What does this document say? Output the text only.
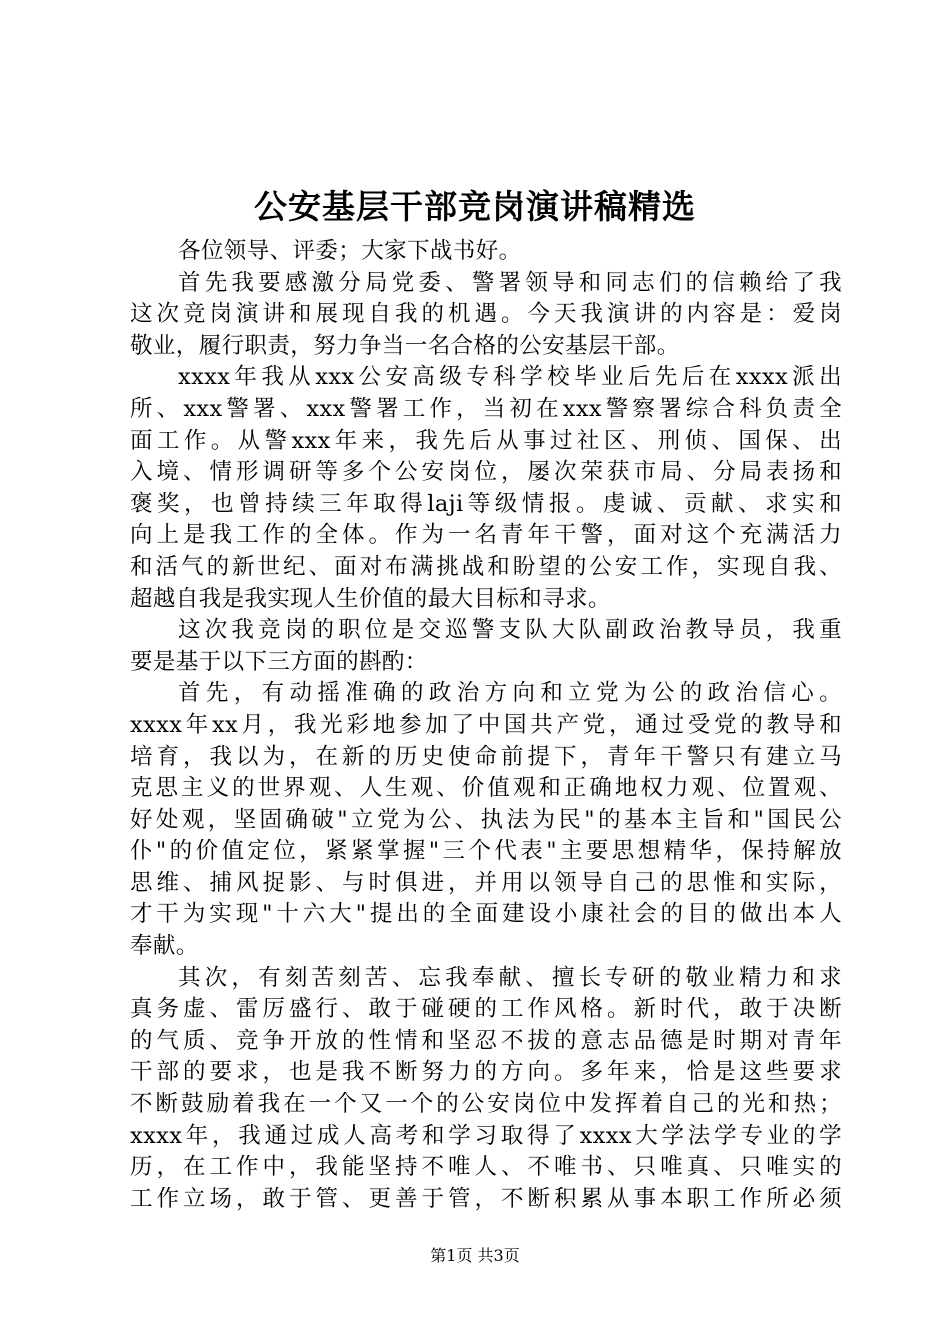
公安基层干部竞岗演讲稿精选
各位领导、评委；大家下战书好。
首先我要感激分局党委、警署领导和同志们的信赖给了我
这次竞岗演讲和展现自我的机遇。今天我演讲的内容是：爱岗
敬业，履行职责，努力争当一名合格的公安基层干部。
xxxx年我从xxx公安高级专科学校毕业后先后在xxxx派出
所、xxx警署、xxx警署工作，当初在xxx警察署综合科负责全
面工作。从警xxx年来，我先后从事过社区、刑侦、国保、出
入境、情形调研等多个公安岗位，屡次荣获市局、分局表扬和
褒奖，也曾持续三年取得laji等级情报。虔诚、贡献、求实和
向上是我工作的全体。作为一名青年干警，面对这个充满活力
和活气的新世纪、面对布满挑战和盼望的公安工作，实现自我、
超越自我是我实现人生价值的最大目标和寻求。
这次我竞岗的职位是交巡警支队大队副政治教导员，我重
要是基于以下三方面的斟酌：
首先，有动摇准确的政治方向和立党为公的政治信心。
xxxx年xx月，我光彩地参加了中国共产党，通过受党的教导和
培育，我以为，在新的历史使命前提下，青年干警只有建立马
克思主义的世界观、人生观、价值观和正确地权力观、位置观、
好处观，坚固确破"立党为公、执法为民"的基本主旨和"国民公
仆"的价值定位，紧紧掌握"三个代表"主要思想精华，保持解放
思维、捕风捉影、与时俱进，并用以领导自己的思惟和实际，
才干为实现"十六大"提出的全面建设小康社会的目的做出本人
奉献。
其次，有刻苦刻苦、忘我奉献、擅长专研的敬业精力和求
真务虚、雷厉盛行、敢于碰硬的工作风格。新时代，敢于决断
的气质、竞争开放的性情和坚忍不拔的意志品德是时期对青年
干部的要求，也是我不断努力的方向。多年来，恰是这些要求
不断鼓励着我在一个又一个的公安岗位中发挥着自己的光和热；
xxxx年，我通过成人高考和学习取得了xxxx大学法学专业的学
历，在工作中，我能坚持不唯人、不唯书、只唯真、只唯实的
工作立场，敢于管、更善于管，不断积累从事本职工作所必须
第1页 共3页
